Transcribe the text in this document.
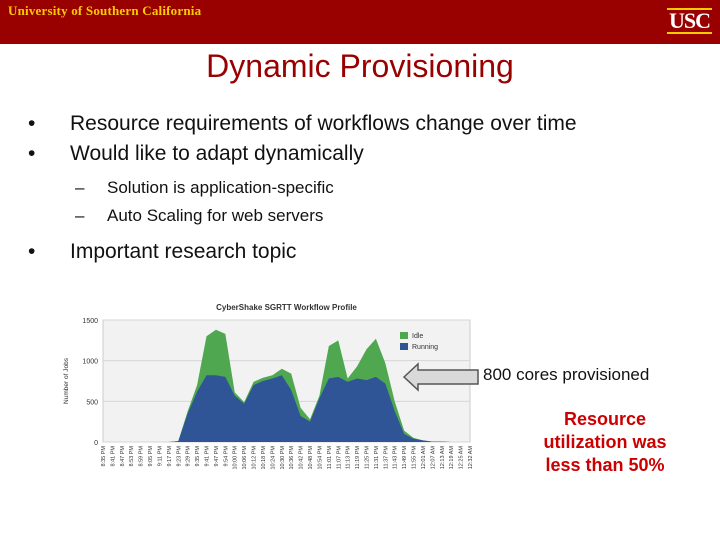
University of Southern California	USC
Dynamic Provisioning
• Resource requirements of workflows change over time
• Would like to adapt dynamically
– Solution is application-specific
– Auto Scaling for web servers
• Important research topic
0
500
1000
1500
CyberShake SGRTT Workflow Profile
Number of Jobs
8:35 PM 8:41 PM 8:47 PM 8:53 PM 8:59 PM 9:05 PM 9:11 PM 9:17 PM 9:23 PM 9:29 PM 9:35 PM 9:41 PM 9:47 PM 9:54 PM 10:00 PM 10:06 PM 10:12 PM 10:18 PM 10:24 PM 10:30 PM 10:36 PM 10:42 PM 10:48 PM 10:54 PM 11:01 PM 11:07 PM 11:13 PM 11:19 PM 11:25 PM 11:31 PM 11:37 PM 11:43 PM 11:49 PM 11:55 PM 12:01 AM 12:07 AM 12:13 AM 12:19 AM 12:25 AM 12:32 AM
Idle
Running
800 cores provisioned
Resource
utilization was
less than 50%
